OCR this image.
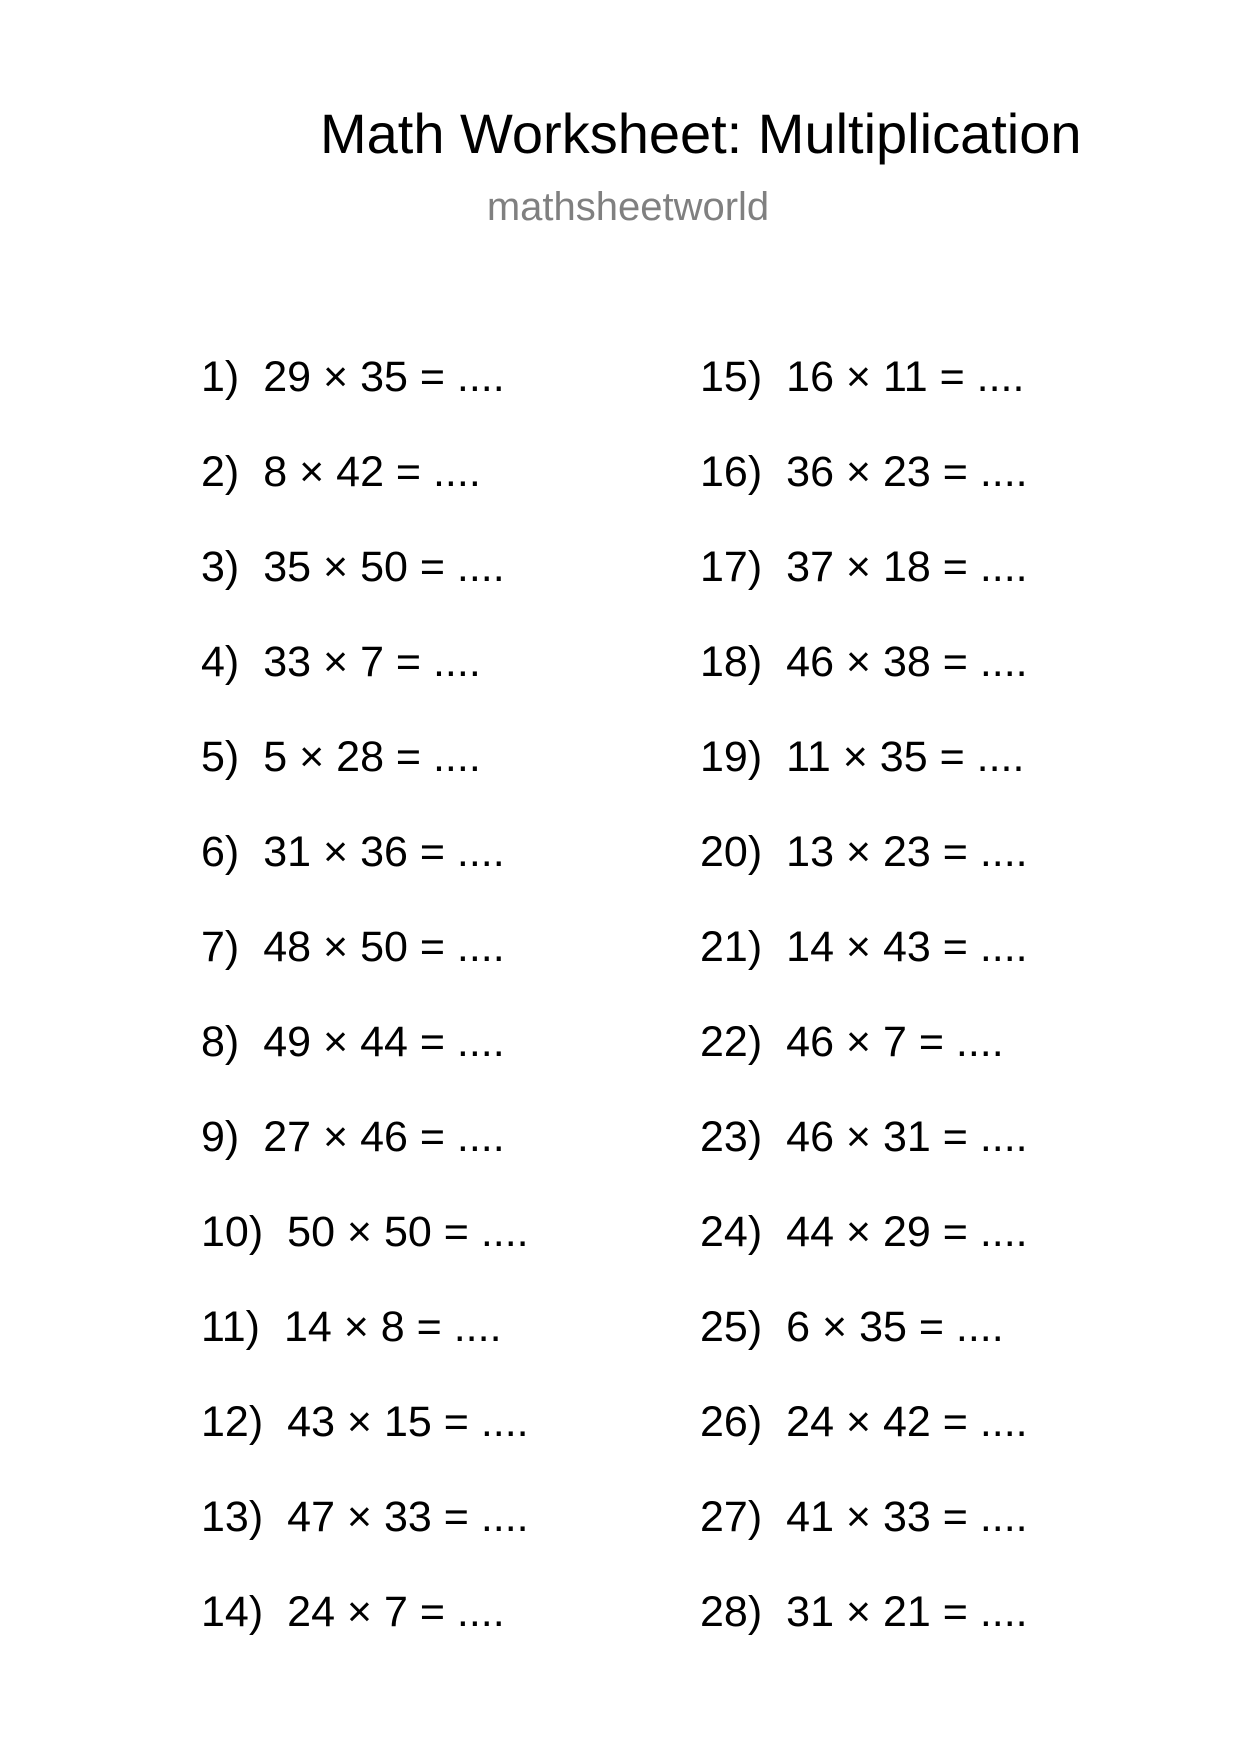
Math Worksheet: Multiplication
mathsheetworld
1) 29 × 35 = ....
2) 8 × 42 = ....
3) 35 × 50 = ....
4) 33 × 7 = ....
5) 5 × 28 = ....
6) 31 × 36 = ....
7) 48 × 50 = ....
8) 49 × 44 = ....
9) 27 × 46 = ....
10) 50 × 50 = ....
11) 14 × 8 = ....
12) 43 × 15 = ....
13) 47 × 33 = ....
14) 24 × 7 = ....
15) 16 × 11 = ....
16) 36 × 23 = ....
17) 37 × 18 = ....
18) 46 × 38 = ....
19) 11 × 35 = ....
20) 13 × 23 = ....
21) 14 × 43 = ....
22) 46 × 7 = ....
23) 46 × 31 = ....
24) 44 × 29 = ....
25) 6 × 35 = ....
26) 24 × 42 = ....
27) 41 × 33 = ....
28) 31 × 21 = ....
